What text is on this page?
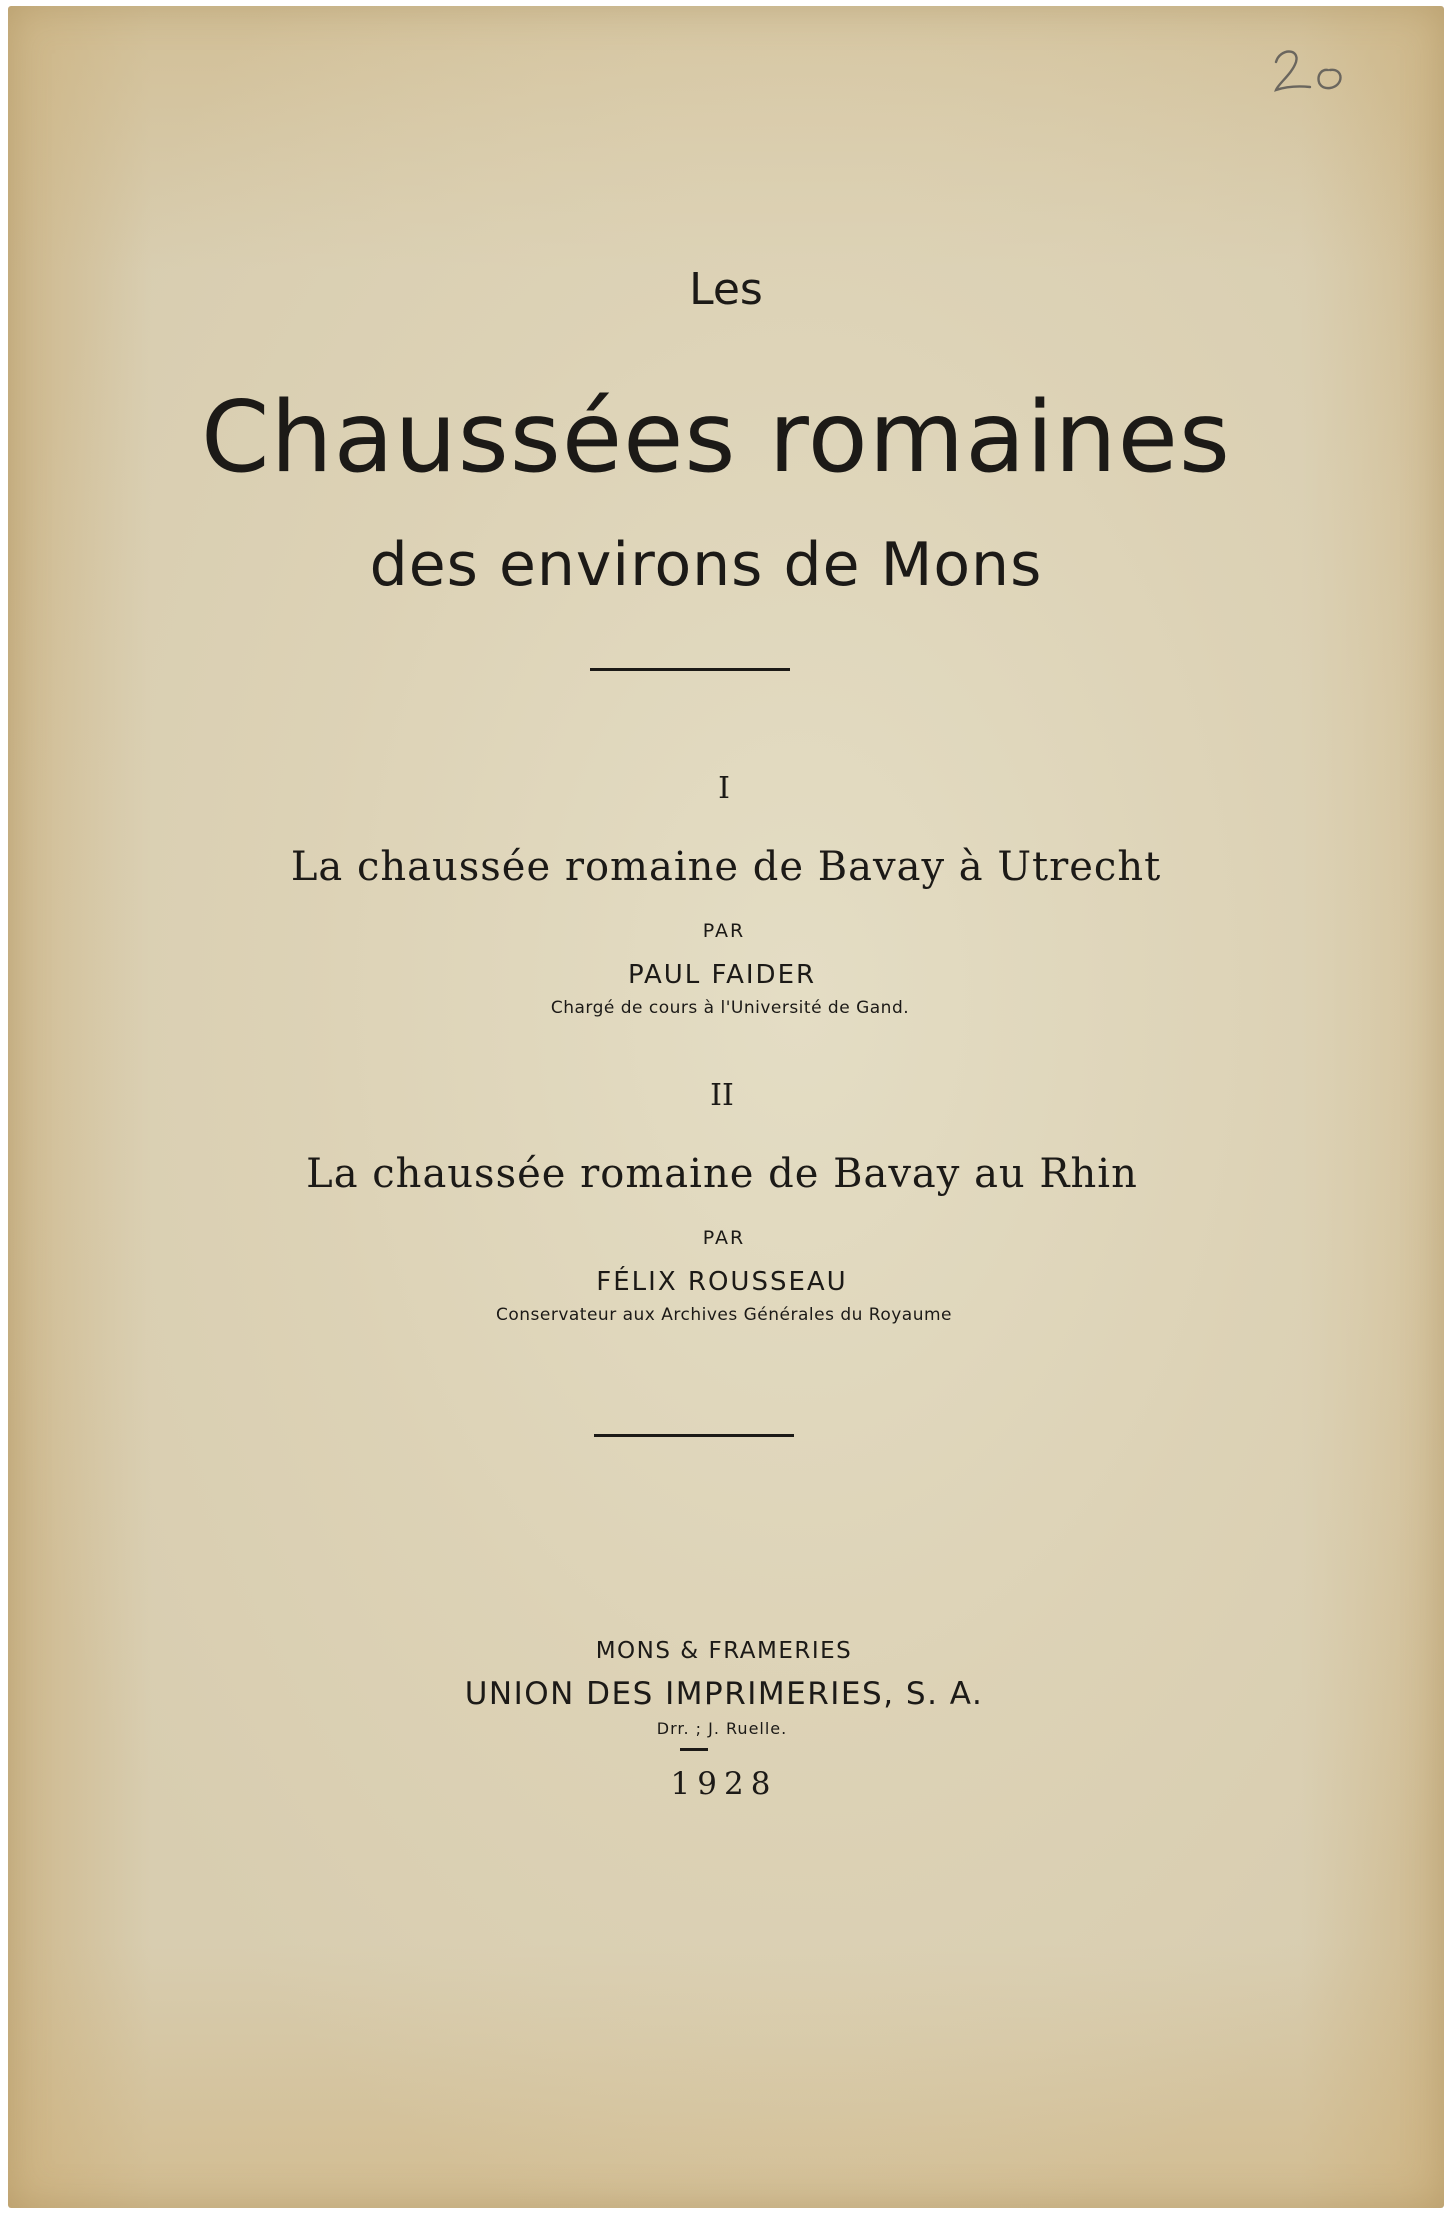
20
Les
Chaussées romaines
des environs de Mons
I
La chaussée romaine de Bavay à Utrecht
PAR
PAUL FAIDER
Chargé de cours à l'Université de Gand.
II
La chaussée romaine de Bavay au Rhin
PAR
FÉLIX ROUSSEAU
Conservateur aux Archives Générales du Royaume
MONS & FRAMERIES
UNION DES IMPRIMERIES, S. A.
Drr. ; J. Ruelle.
1928
